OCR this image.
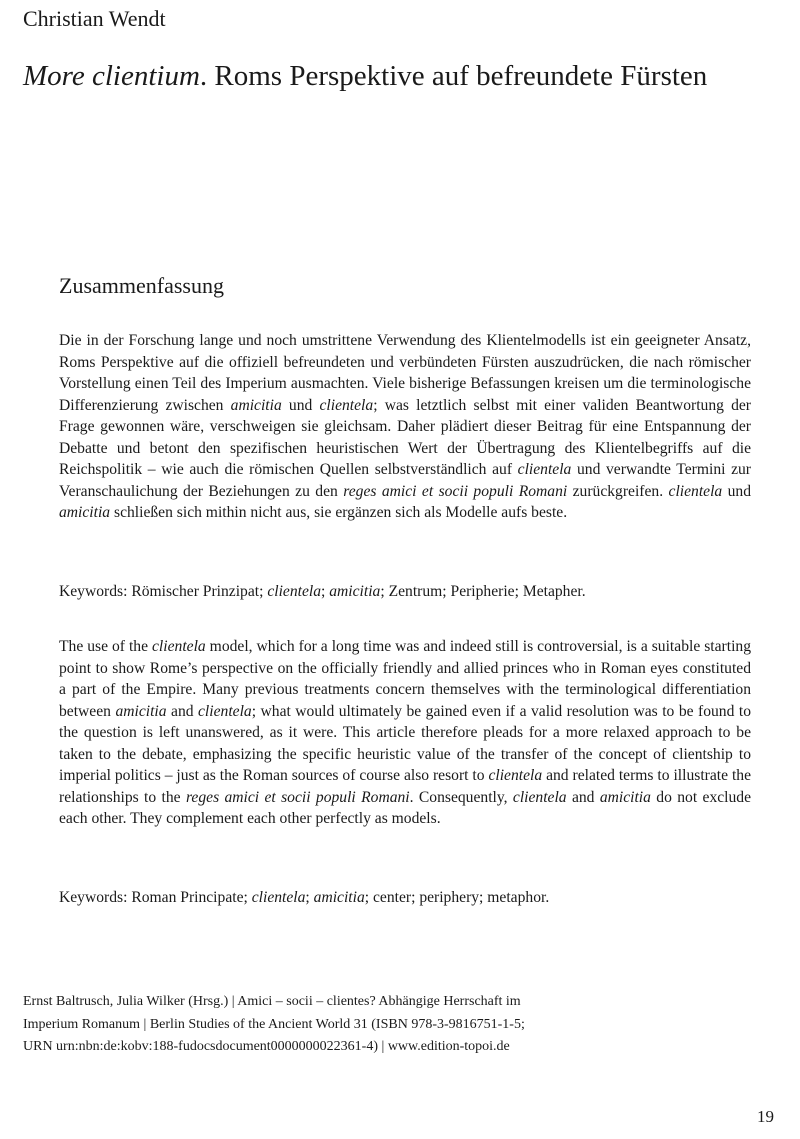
Christian Wendt
More clientium. Roms Perspektive auf befreundete Fürsten
Zusammenfassung
Die in der Forschung lange und noch umstrittene Verwendung des Klientelmodells ist ein geeigneter Ansatz, Roms Perspektive auf die offiziell befreundeten und verbündeten Fürsten auszudrücken, die nach römischer Vorstellung einen Teil des Imperium ausmachten. Viele bisherige Befassungen kreisen um die terminologische Differenzierung zwischen amicitia und clientela; was letztlich selbst mit einer validen Beantwortung der Frage gewonnen wäre, verschweigen sie gleichsam. Daher plädiert dieser Beitrag für eine Entspannung der Debatte und betont den spezifischen heuristischen Wert der Übertragung des Klientelbegriffs auf die Reichspolitik – wie auch die römischen Quellen selbstverständlich auf clientela und verwandte Termini zur Veranschaulichung der Beziehungen zu den reges amici et socii populi Romani zurückgreifen. clientela und amicitia schließen sich mithin nicht aus, sie ergänzen sich als Modelle aufs beste.
Keywords: Römischer Prinzipat; clientela; amicitia; Zentrum; Peripherie; Metapher.
The use of the clientela model, which for a long time was and indeed still is controversial, is a suitable starting point to show Rome’s perspective on the officially friendly and allied princes who in Roman eyes constituted a part of the Empire. Many previous treatments concern themselves with the terminological differentiation between amicitia and clientela; what would ultimately be gained even if a valid resolution was to be found to the question is left unanswered, as it were. This article therefore pleads for a more relaxed approach to be taken to the debate, emphasizing the specific heuristic value of the transfer of the concept of clientship to imperial politics – just as the Roman sources of course also resort to clientela and related terms to illustrate the relationships to the reges amici et socii populi Romani. Consequently, clientela and amicitia do not exclude each other. They complement each other perfectly as models.
Keywords: Roman Principate; clientela; amicitia; center; periphery; metaphor.
Ernst Baltrusch, Julia Wilker (Hrsg.) | Amici – socii – clientes? Abhängige Herrschaft im
Imperium Romanum | Berlin Studies of the Ancient World 31 (ISBN 978-3-9816751-1-5;
URN urn:nbn:de:kobv:188-fudocsdocument0000000022361-4) | www.edition-topoi.de
19
